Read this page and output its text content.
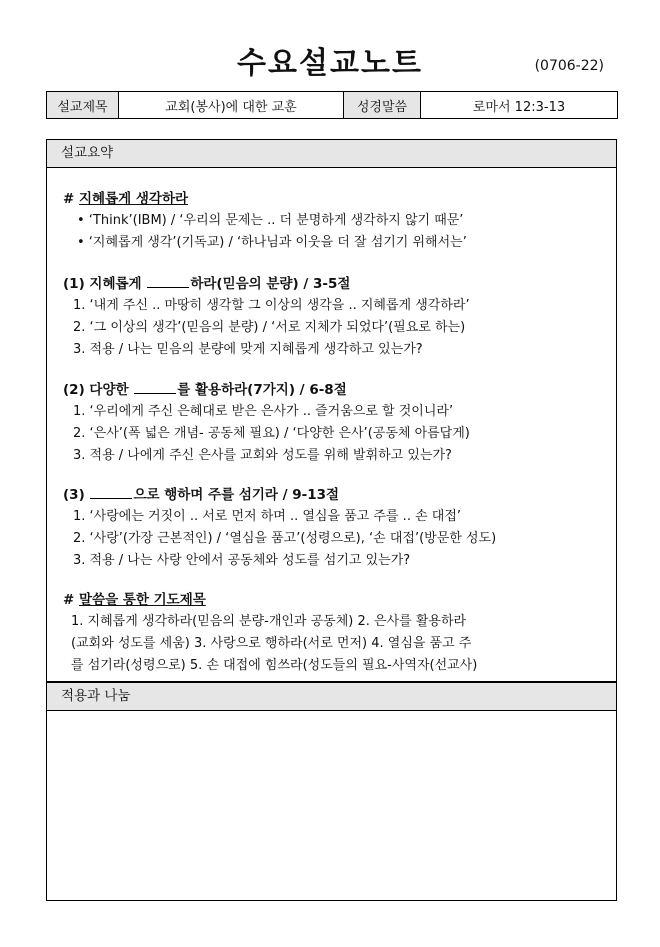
수요설교노트	(0706-22)
설교제목	교회(봉사)에 대한 교훈	성경말씀	로마서 12:3-13
설교요약
# 지혜롭게 생각하라
• ‘Think’(IBM) / ‘우리의 문제는 .. 더 분명하게 생각하지 않기 때문’
• ‘지혜롭게 생각’(기독교) / ‘하나님과 이웃을 더 잘 섬기기 위해서는’
(1) 지혜롭게	하라(믿음의 분량) / 3-5절
1. ‘내게 주신 .. 마땅히 생각할 그 이상의 생각을 .. 지혜롭게 생각하라’
2. ‘그 이상의 생각’(믿음의 분량) / ‘서로 지체가 되었다’(필요로 하는)
3. 적용 / 나는 믿음의 분량에 맞게 지혜롭게 생각하고 있는가?
(2) 다양한	를 활용하라(7가지) / 6-8절
1. ‘우리에게 주신 은혜대로 받은 은사가 .. 즐거움으로 할 것이니라’
2. ‘은사’(폭 넓은 개념- 공동체 필요) / ‘다양한 은사’(공동체 아름답게)
3. 적용 / 나에게 주신 은사를 교회와 성도를 위해 발휘하고 있는가?
(3)	으로 행하며 주를 섬기라 / 9-13절
1. ‘사랑에는 거짓이 .. 서로 먼저 하며 .. 열심을 품고 주를 .. 손 대접’
2. ‘사랑’(가장 근본적인) / ‘열심을 품고’(성령으로), ‘손 대접’(방문한 성도)
3. 적용 / 나는 사랑 안에서 공동체와 성도를 섬기고 있는가?
# 말씀을 통한 기도제목
1. 지혜롭게 생각하라(믿음의 분량-개인과 공동체) 2. 은사를 활용하라
(교회와 성도를 세움) 3. 사랑으로 행하라(서로 먼저) 4. 열심을 품고 주
를 섬기라(성령으로) 5. 손 대접에 힘쓰라(성도들의 필요-사역자(선교사)
적용과 나눔
